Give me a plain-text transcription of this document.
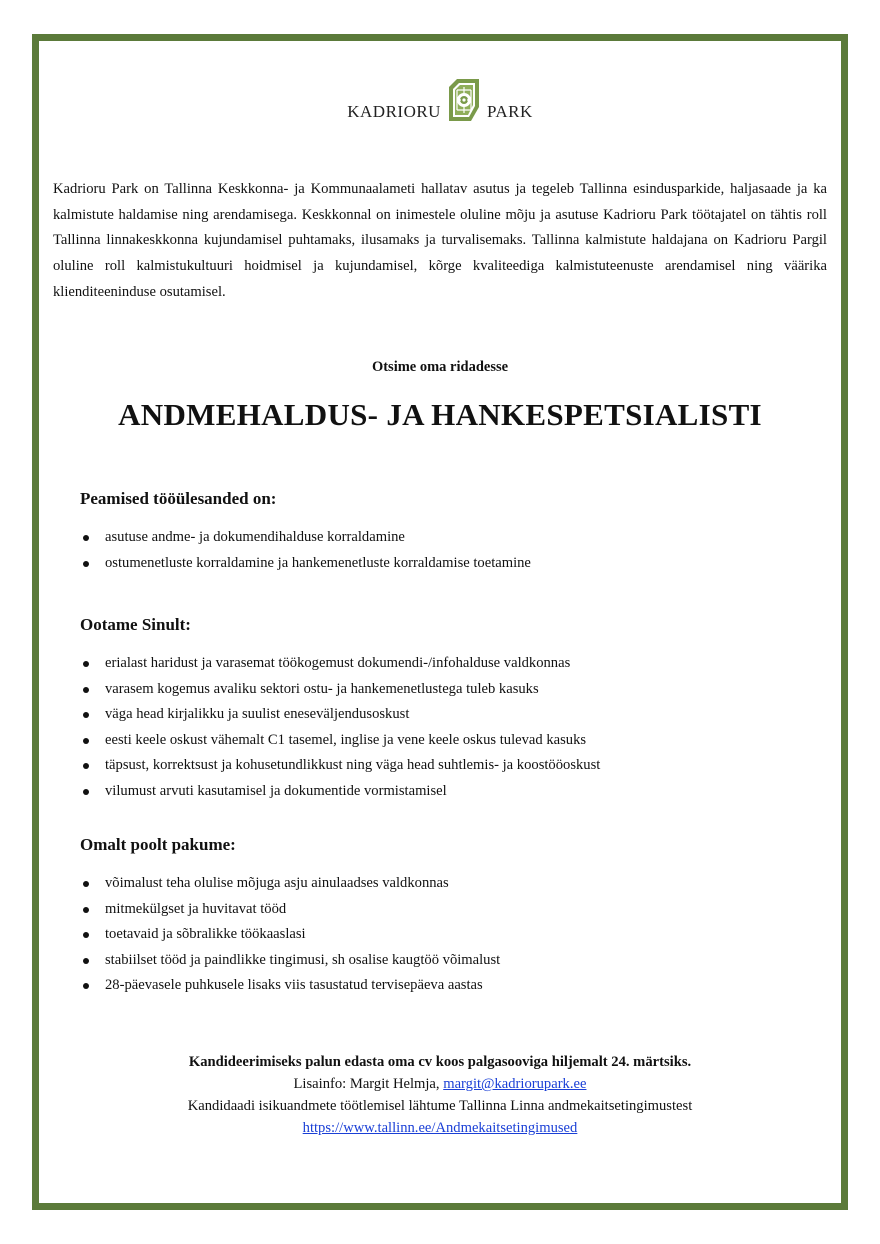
KADRIORU	PARK

Kadrioru Park on Tallinna Keskkonna- ja Kommunaalameti hallatav asutus ja tegeleb Tallinna esindusparkide, haljasaade ja ka kalmistute haldamise ning arendamisega. Keskkonnal on inimestele oluline mõju ja asutuse Kadrioru Park töötajatel on tähtis roll Tallinna linnakeskkonna kujundamisel puhtamaks, ilusamaks ja turvalisemaks. Tallinna kalmistute haldajana on Kadrioru Pargil oluline roll kalmistukultuuri hoidmisel ja kujundamisel, kõrge kvaliteediga kalmistuteenuste arendamisel ning väärika klienditeeninduse osutamisel.

Otsime oma ridadesse
ANDMEHALDUS- JA HANKESPETSIALISTI
Peamised tööülesanded on:
asutuse andme- ja dokumendihalduse korraldamine
ostumenetluste korraldamine ja hankemenetluste korraldamise toetamine
Ootame Sinult:
erialast haridust ja varasemat töökogemust dokumendi-/infohalduse valdkonnas
varasem kogemus avaliku sektori ostu- ja hankemenetlustega tuleb kasuks
väga head kirjalikku ja suulist eneseväljendusoskust
eesti keele oskust vähemalt C1 tasemel, inglise ja vene keele oskus tulevad kasuks
täpsust, korrektsust ja kohusetundlikkust ning väga head suhtlemis- ja koostööoskust
vilumust arvuti kasutamisel ja dokumentide vormistamisel
Omalt poolt pakume:
võimalust teha olulise mõjuga asju ainulaadses valdkonnas
mitmekülgset ja huvitavat tööd
toetavaid ja sõbralikke töökaaslasi
stabiilset tööd ja paindlikke tingimusi, sh osalise kaugtöö võimalust
28-päevasele puhkusele lisaks viis tasustatud tervisepäeva aastas
Kandideerimiseks palun edasta oma cv koos palgasooviga hiljemalt 24. märtsiks.
Lisainfo: Margit Helmja, margit@kadriorupark.ee
Kandidaadi isikuandmete töötlemisel lähtume Tallinna Linna andmekaitsetingimustest
https://www.tallinn.ee/Andmekaitsetingimused
